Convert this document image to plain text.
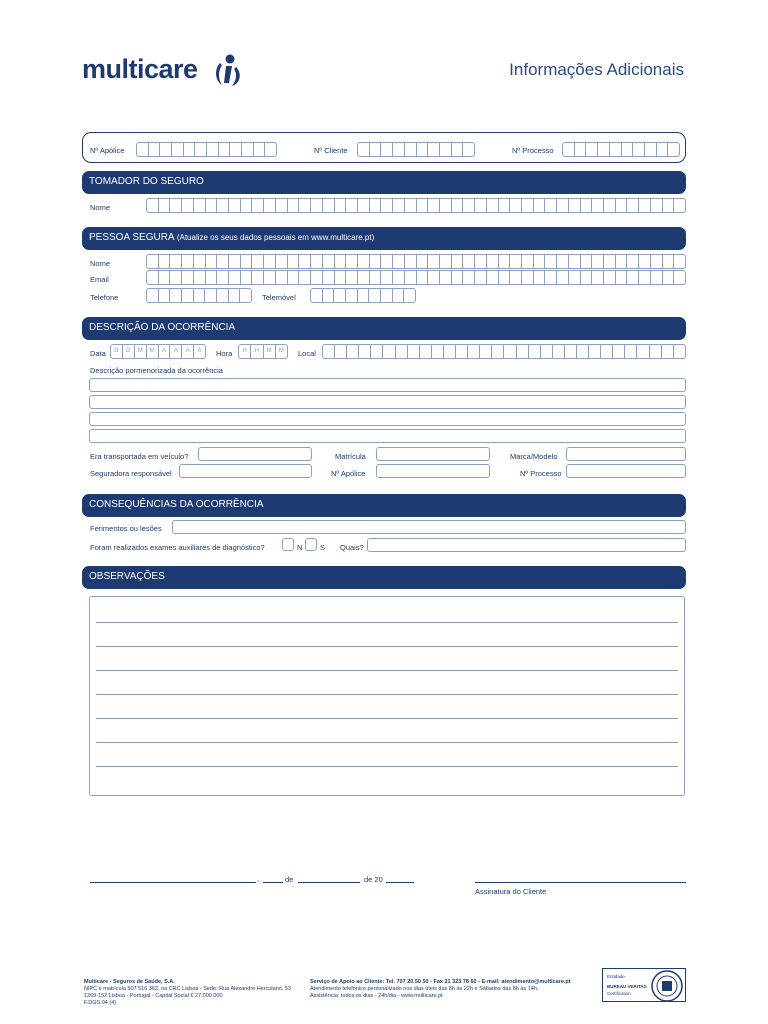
multicare	Informações Adicionais
Nº Apólice	Nº Cliente	Nº Processo
TOMADOR DO SEGURO
Nome
PESSOA SEGURA (Atualize os seus dados pessoais em www.multicare.pt)
Nome
Email
Telefone	Telemóvel
DESCRIÇÃO DA OCORRÊNCIA
Data	D	D	M	M	A	A	A	A	Hora	H	H	M	M	Local
Descrição pormenorizada da ocorrência
Era transportada em veículo?	Matrícula	Marca/Modelo
Seguradora responsável	Nº Apólice	Nº Processo
CONSEQUÊNCIAS DA OCORRÊNCIA
Ferimentos ou lesões
Foram realizados exames auxiliares de diagnóstico?	N S Quais?
OBSERVAÇÕES
,	de	de 20
Assinatura do Cliente
Multicare - Seguros de Saúde, S.A.
NIPC e matrícula 507 516 362, na CRC Lisboa - Sede: Rua Alexandre Herculano, 53
1269-152 Lisboa - Portugal - Capital Social € 27.000.000
F.DGS.04 (4)
Serviço de Apoio ao Cliente: Tel. 707 20 50 50 - Fax 21 323 78 60 - E-mail: atendimento@multicare.pt
Atendimento telefónico personalizado nos dias úteis das 8h às 22h e Sábados das 8h às 14h.
Assistência: todos os dias - 24h/dia - www.multicare.pt
Entidade
BUREAU VERITAS
Certification
